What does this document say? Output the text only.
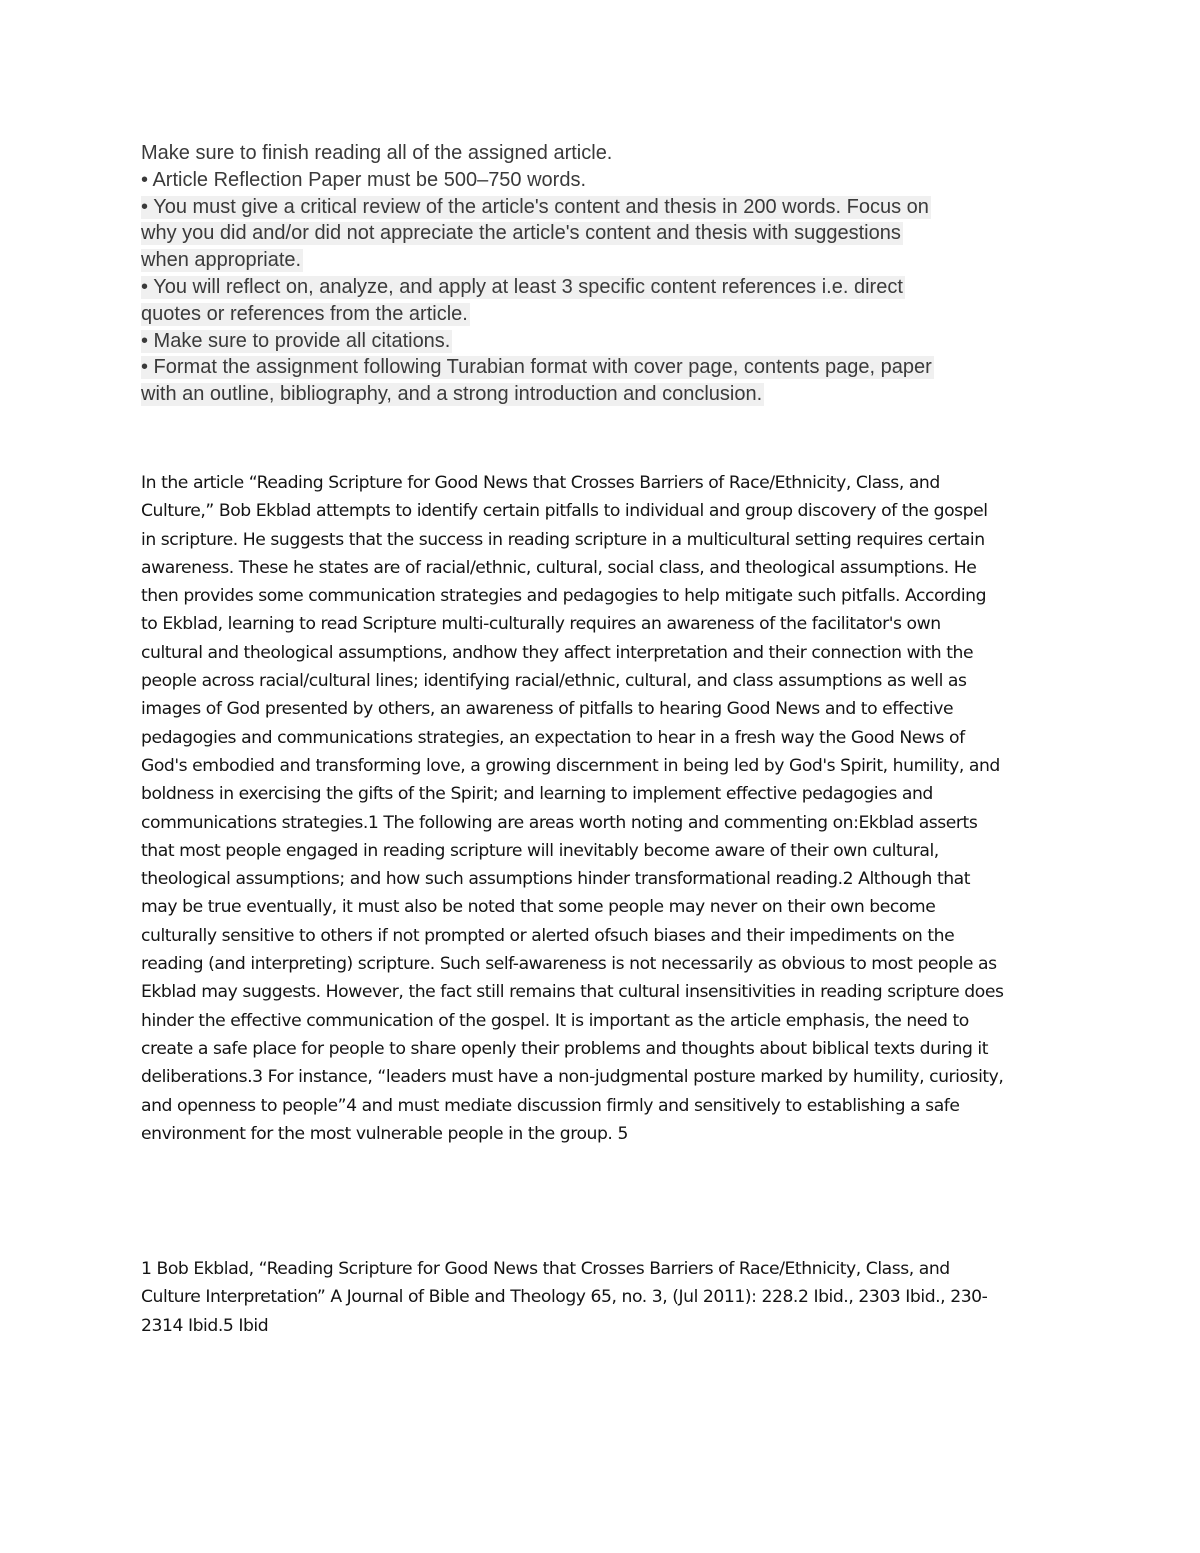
Make sure to finish reading all of the assigned article.

• Article Reflection Paper must be 500–750 words.

• You must give a critical review of the article's content and thesis in 200 words. Focus on

why you did and/or did not appreciate the article's content and thesis with suggestions

when appropriate.

• You will reflect on, analyze, and apply at least 3 specific content references i.e. direct

quotes or references from the article.

• Make sure to provide all citations.

• Format the assignment following Turabian format with cover page, contents page, paper

with an outline, bibliography, and a strong introduction and conclusion.

In the article “Reading Scripture for Good News that Crosses Barriers of Race/Ethnicity, Class, and

Culture,” Bob Ekblad attempts to identify certain pitfalls to individual and group discovery of the gospel

in scripture. He suggests that the success in reading scripture in a multicultural setting requires certain

awareness. These he states are of racial/ethnic, cultural, social class, and theological assumptions. He

then provides some communication strategies and pedagogies to help mitigate such pitfalls. According

to Ekblad, learning to read Scripture multi-culturally requires an awareness of the facilitator's own

cultural and theological assumptions, andhow they affect interpretation and their connection with the

people across racial/cultural lines; identifying racial/ethnic, cultural, and class assumptions as well as

images of God presented by others, an awareness of pitfalls to hearing Good News and to effective

pedagogies and communications strategies, an expectation to hear in a fresh way the Good News of

God's embodied and transforming love, a growing discernment in being led by God's Spirit, humility, and

boldness in exercising the gifts of the Spirit; and learning to implement effective pedagogies and

communications strategies.1 The following are areas worth noting and commenting on:Ekblad asserts

that most people engaged in reading scripture will inevitably become aware of their own cultural,

theological assumptions; and how such assumptions hinder transformational reading.2 Although that

may be true eventually, it must also be noted that some people may never on their own become

culturally sensitive to others if not prompted or alerted ofsuch biases and their impediments on the

reading (and interpreting) scripture. Such self-awareness is not necessarily as obvious to most people as

Ekblad may suggests. However, the fact still remains that cultural insensitivities in reading scripture does

hinder the effective communication of the gospel. It is important as the article emphasis, the need to

create a safe place for people to share openly their problems and thoughts about biblical texts during it

deliberations.3 For instance, “leaders must have a non-judgmental posture marked by humility, curiosity,

and openness to people”4 and must mediate discussion firmly and sensitively to establishing a safe

environment for the most vulnerable people in the group. 5

1 Bob Ekblad, “Reading Scripture for Good News that Crosses Barriers of Race/Ethnicity, Class, and

Culture Interpretation” A Journal of Bible and Theology 65, no. 3, (Jul 2011): 228.2 Ibid., 2303 Ibid., 230-

2314 Ibid.5 Ibid
